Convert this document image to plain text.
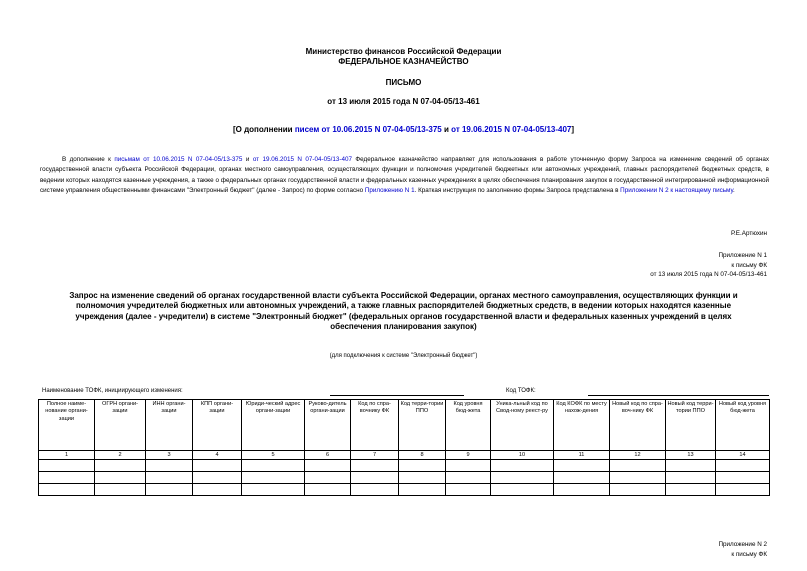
Министерство финансов Российской Федерации
ФЕДЕРАЛЬНОЕ КАЗНАЧЕЙСТВО
ПИСЬМО
от 13 июля 2015 года N 07-04-05/13-461
[О дополнении писем от 10.06.2015 N 07-04-05/13-375 и от 19.06.2015 N 07-04-05/13-407]
В дополнение к письмам от 10.06.2015 N 07-04-05/13-375 и от 19.06.2015 N 07-04-05/13-407 Федеральное казначейство направляет для использования в работе уточненную форму Запроса на изменение сведений об органах государственной власти субъекта Российской Федерации, органах местного самоуправления, осуществляющих функции и полномочия учредителей бюджетных или автономных учреждений, главных распорядителей бюджетных средств, в ведении которых находятся казенные учреждения, а также о федеральных органах государственной власти и федеральных казенных учреждениях в целях обеспечения планирования закупок в государственной интегрированной информационной системе управления общественными финансами "Электронный бюджет" (далее - Запрос) по форме согласно Приложению N 1. Краткая инструкция по заполнению формы Запроса представлена в Приложении N 2 к настоящему письму.
Р.Е.Артюхин
Приложение N 1
к письму ФК
от 13 июля 2015 года N 07-04-05/13-461
Запрос на изменение сведений об органах государственной власти субъекта Российской Федерации, органах местного самоуправления, осуществляющих функции и полномочия учредителей бюджетных или автономных учреждений, а также главных распорядителей бюджетных средств, в ведении которых находятся казенные учреждения (далее - учредители) в системе "Электронный бюджет" (федеральных органов государственной власти и федеральных казенных учреждений в целях обеспечения планирования закупок)
(для подключения к системе "Электронный бюджет")
Наименование ТОФК, инициирующего изменения:	Код ТОФК:
Полное наиме-нование органи-зации	ОГРН органи-зации	ИНН органи-зации	КПП органи-зации	Юриди-ческий адрес органи-зации	Руково-дитель органи-зации	Код по спра-вочнику ФК	Код терри-тории ППО	Код уровня бюд-жета	Уника-льный код по Свод-ному реест-ру	Код КОФК по месту нахож-дения	Новый код по спра-воч-нику ФК	Новый код терри-тории ППО	Новый код уровня бюд-жета
1	2	3	4	5	6	7	8	9	10	11	12	13	14

Приложение N 2
к письму ФК
